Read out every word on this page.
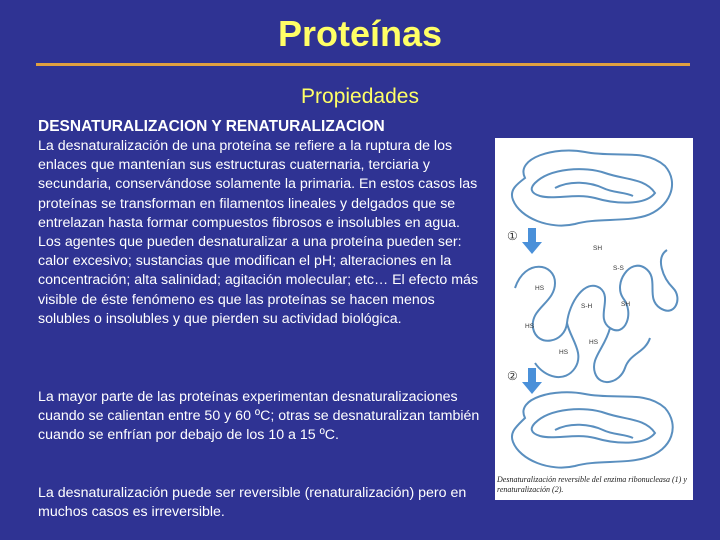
Proteínas
Propiedades
DESNATURALIZACION Y RENATURALIZACION

La desnaturalización de una proteína se refiere a la ruptura de los enlaces que mantenían sus estructuras cuaternaria, terciaria y secundaria, conservándose solamente la primaria. En estos casos las proteínas se transforman en filamentos lineales y delgados que se entrelazan hasta formar compuestos fibrosos e insolubles en agua. Los agentes que pueden desnaturalizar a una proteína pueden ser: calor excesivo; sustancias que modifican el pH; alteraciones en la concentración; alta salinidad; agitación molecular; etc… El efecto más visible de éste fenómeno es que las proteínas se hacen menos solubles o insolubles y que pierden su actividad biológica.

La mayor parte de las proteínas experimentan desnaturalizaciones cuando se calientan entre 50 y 60 ºC; otras se desnaturalizan también cuando se enfrían por debajo de los 10 a 15 ºC.

La desnaturalización puede ser reversible (renaturalización) pero en muchos casos es irreversible.

①
SH
HS
S-S
S-H	SH
HS
HS
HS
②
Desnaturalización reversible del enzima ribonucleasa (1) y renaturalización (2).
